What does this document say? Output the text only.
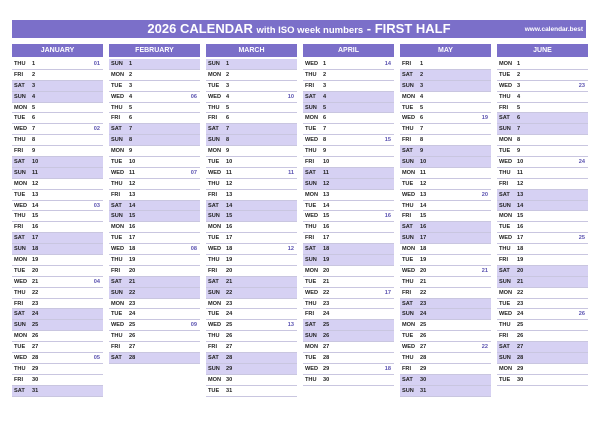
2026 CALENDAR with ISO week numbers - FIRST HALF	www.calendar.best
JANUARY
THU 1	01
FRI 2
SAT 3
SUN 4
MON 5
TUE 6
WED 7	02
THU 8
FRI 9
SAT 10
SUN 11
MON 12
TUE 13
WED 14	03
THU 15
FRI 16
SAT 17
SUN 18
MON 19
TUE 20
WED 21	04
THU 22
FRI 23
SAT 24
SUN 25
MON 26
TUE 27
WED 28	05
THU 29
FRI 30
SAT 31
FEBRUARY
SUN 1
MON 2
TUE 3
WED 4	06
THU 5
FRI 6
SAT 7
SUN 8
MON 9
TUE 10
WED 11	07
THU 12
FRI 13
SAT 14
SUN 15
MON 16
TUE 17
WED 18	08
THU 19
FRI 20
SAT 21
SUN 22
MON 23
TUE 24
WED 25	09
THU 26
FRI 27
SAT 28
MARCH
SUN 1
MON 2
TUE 3
WED 4	10
THU 5
FRI 6
SAT 7
SUN 8
MON 9
TUE 10
WED 11	11
THU 12
FRI 13
SAT 14
SUN 15
MON 16
TUE 17
WED 18	12
THU 19
FRI 20
SAT 21
SUN 22
MON 23
TUE 24
WED 25	13
THU 26
FRI 27
SAT 28
SUN 29
MON 30
TUE 31
APRIL
WED 1	14
THU 2
FRI 3
SAT 4
SUN 5
MON 6
TUE 7
WED 8	15
THU 9
FRI 10
SAT 11
SUN 12
MON 13
TUE 14
WED 15	16
THU 16
FRI 17
SAT 18
SUN 19
MON 20
TUE 21
WED 22	17
THU 23
FRI 24
SAT 25
SUN 26
MON 27
TUE 28
WED 29	18
THU 30
MAY
FRI 1
SAT 2
SUN 3
MON 4
TUE 5
WED 6	19
THU 7
FRI 8
SAT 9
SUN 10
MON 11
TUE 12
WED 13	20
THU 14
FRI 15
SAT 16
SUN 17
MON 18
TUE 19
WED 20	21
THU 21
FRI 22
SAT 23
SUN 24
MON 25
TUE 26
WED 27	22
THU 28
FRI 29
SAT 30
SUN 31
JUNE
MON 1
TUE 2
WED 3	23
THU 4
FRI 5
SAT 6
SUN 7
MON 8
TUE 9
WED 10	24
THU 11
FRI 12
SAT 13
SUN 14
MON 15
TUE 16
WED 17	25
THU 18
FRI 19
SAT 20
SUN 21
MON 22
TUE 23
WED 24	26
THU 25
FRI 26
SAT 27
SUN 28
MON 29
TUE 30
